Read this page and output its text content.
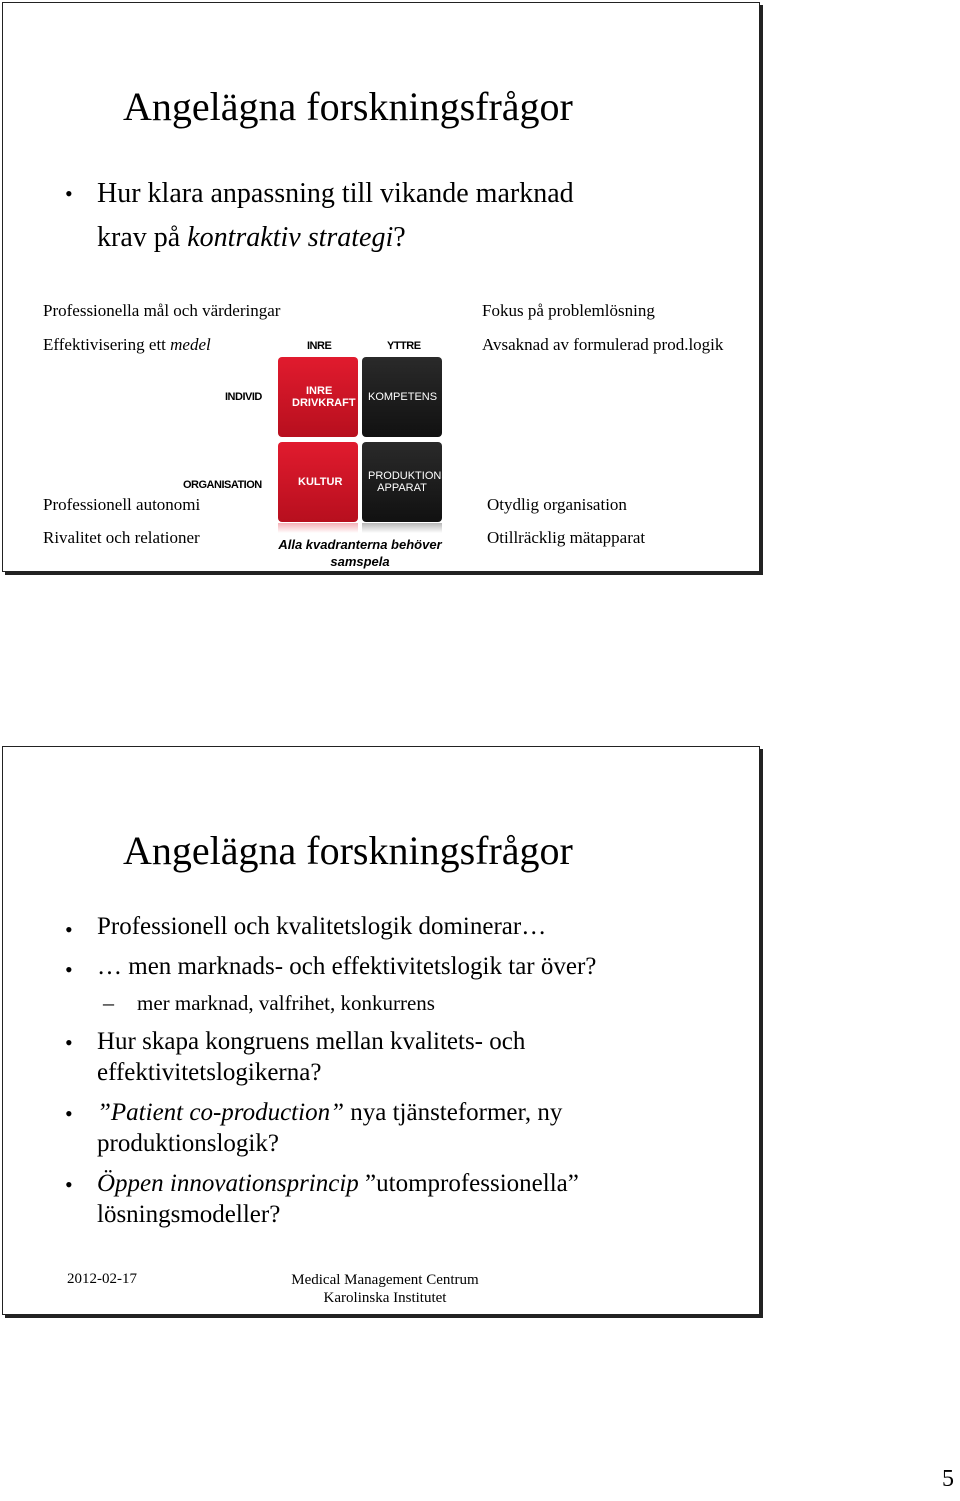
Angelägna forskningsfrågor
• Hur klara anpassning till vikande marknad
krav på kontraktiv strategi?
Professionella mål och värderingar
Effektivisering ett medel
Fokus på problemlösning
Avsaknad av formulerad prod.logik
Professionell autonomi
Rivalitet och relationer
Otydlig organisation
Otillräcklig mätapparat
INRE	YTTRE
INDIVID
ORGANISATION
INRE
DRIVKRAFT KOMPETENS
KULTUR	PRODUKTIONS
APPARAT
Alla kvadranterna behöver
samspela
Angelägna forskningsfrågor
• Professionell och kvalitetslogik dominerar…
• … men marknads- och effektivitetslogik tar över?
– mer marknad, valfrihet, konkurrens
• Hur skapa kongruens mellan kvalitets- och
effektivitetslogikerna?
• ”Patient co-production” nya tjänsteformer, ny
produktionslogik?
• Öppen innovationsprincip ”utomprofessionella”
lösningsmodeller?
2012-02-17	Medical Management Centrum
Karolinska Institutet
5
